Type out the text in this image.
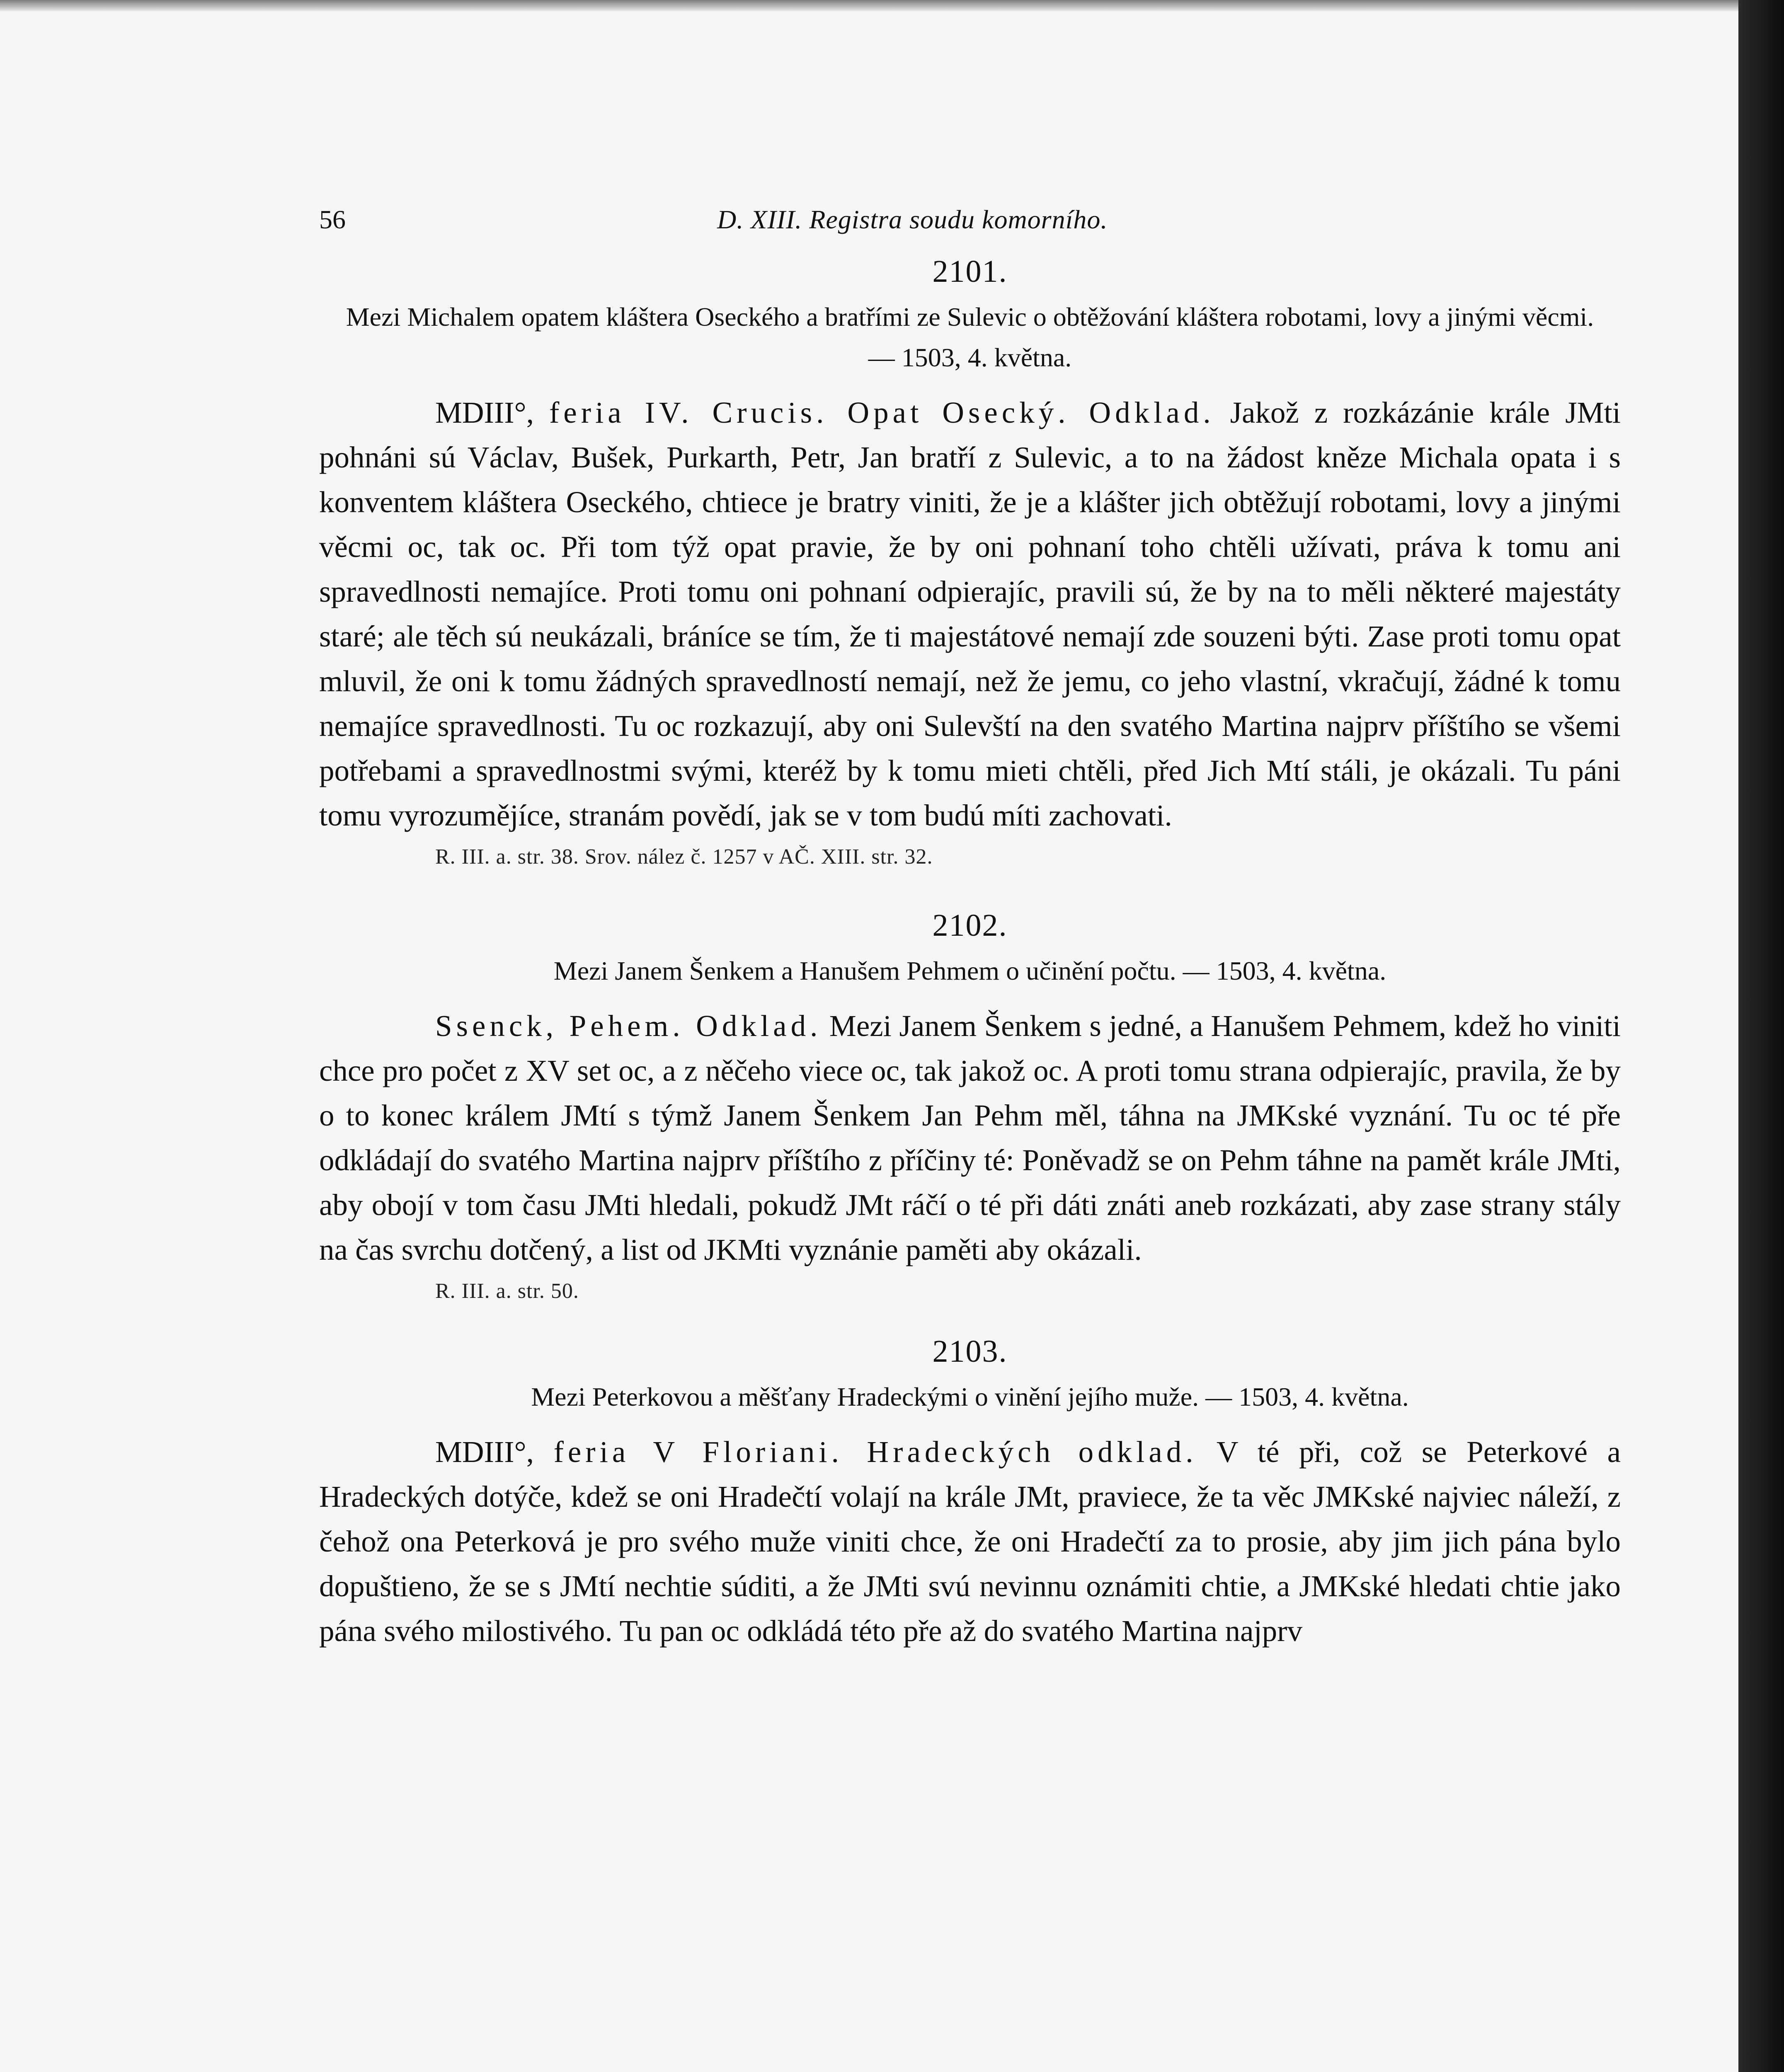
56	D. XIII. Registra soudu komorního.
2101.
Mezi Michalem opatem kláštera Oseckého a bratřími ze Sulevic o obtěžování kláštera robotami, lovy a jinými věcmi. — 1503, 4. května.
MDIII°, feria IV. Crucis. Opat Osecký. Odklad. Jakož z rozkázánie krále JMti pohnáni sú Václav, Bušek, Purkarth, Petr, Jan bratří z Sulevic, a to na žádost kněze Michala opata i s konventem kláštera Oseckého, chtiece je bratry viniti, že je a klášter jich obtěžují robotami, lovy a jinými věcmi oc, tak oc. Při tom týž opat pravie, že by oni pohnaní toho chtěli užívati, práva k tomu ani spravedlnosti nemajíce. Proti tomu oni pohnaní odpierajíc, pravili sú, že by na to měli některé majestáty staré; ale těch sú neukázali, bráníce se tím, že ti majestátové nemají zde souzeni býti. Zase proti tomu opat mluvil, že oni k tomu žádných spravedlností nemají, než že jemu, co jeho vlastní, vkračují, žádné k tomu nemajíce spravedlnosti. Tu oc rozkazují, aby oni Sulevští na den svatého Martina najprv příštího se všemi potřebami a spravedlnostmi svými, kteréž by k tomu mieti chtěli, před Jich Mtí stáli, je okázali. Tu páni tomu vyrozumějíce, stranám povědí, jak se v tom budú míti zachovati.
R. III. a. str. 38. Srov. nález č. 1257 v AČ. XIII. str. 32.
2102.
Mezi Janem Šenkem a Hanušem Pehmem o učinění počtu. — 1503, 4. května.
Ssenck, Pehem. Odklad. Mezi Janem Šenkem s jedné, a Hanušem Pehmem, kdež ho viniti chce pro počet z XV set oc, a z něčeho viece oc, tak jakož oc. A proti tomu strana odpierajíc, pravila, že by o to konec králem JMtí s týmž Janem Šenkem Jan Pehm měl, táhna na JMKské vyznání. Tu oc té pře odkládají do svatého Martina najprv příštího z příčiny té: Poněvadž se on Pehm táhne na pamět krále JMti, aby obojí v tom času JMti hledali, pokudž JMt ráčí o té při dáti znáti aneb rozkázati, aby zase strany stály na čas svrchu dotčený, a list od JKMti vyznánie paměti aby okázali.
R. III. a. str. 50.
2103.
Mezi Peterkovou a měšťany Hradeckými o vinění jejího muže. — 1503, 4. května.
MDIII°, feria V Floriani. Hradeckých odklad. V té při, což se Peterkové a Hradeckých dotýče, kdež se oni Hradečtí volají na krále JMt, praviece, že ta věc JMKské najviec náleží, z čehož ona Peterková je pro svého muže viniti chce, že oni Hradečtí za to prosie, aby jim jich pána bylo dopuštieno, že se s JMtí nechtie súditi, a že JMti svú nevinnu oznámiti chtie, a JMKské hledati chtie jako pána svého milostivého. Tu pan oc odkládá této pře až do svatého Martina najprv
